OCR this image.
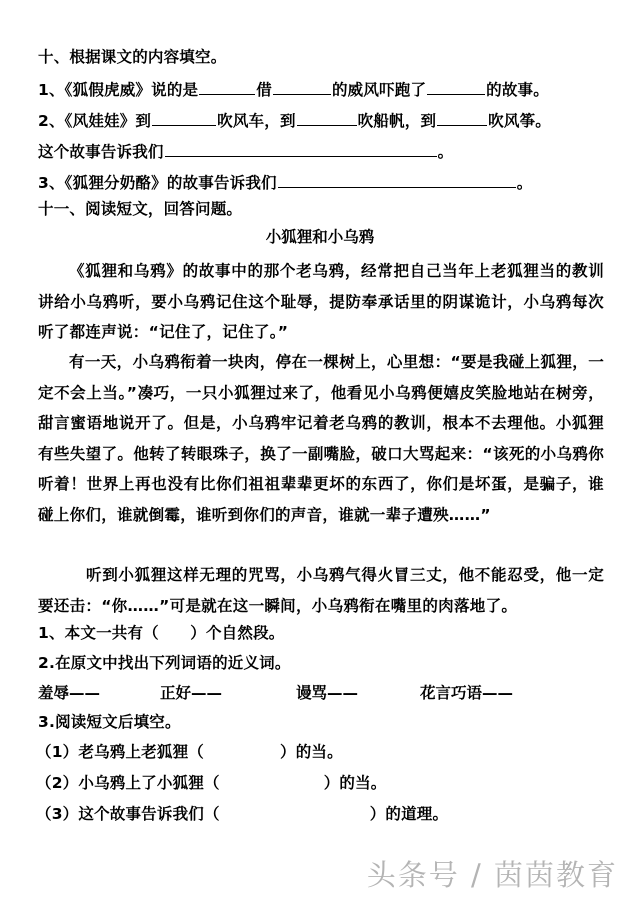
十、根据课文的内容填空。
1、《狐假虎威》说的是	借	的威风吓跑了	的故事。
2、《风娃娃》到	吹风车，到	吹船帆，到	吹风筝。
这个故事告诉我们	。
3、《狐狸分奶酪》的故事告诉我们	。
十一、阅读短文，回答问题。
小狐狸和小乌鸦
《狐狸和乌鸦》的故事中的那个老乌鸦，经常把自己当年上老狐狸当的教训讲给小乌鸦听，要小乌鸦记住这个耻辱，提防奉承话里的阴谋诡计，小乌鸦每次听了都连声说：“记住了，记住了。”
有一天，小乌鸦衔着一块肉，停在一棵树上，心里想：“要是我碰上狐狸，一定不会上当。”凑巧，一只小狐狸过来了，他看见小乌鸦便嬉皮笑脸地站在树旁，甜言蜜语地说开了。但是，小乌鸦牢记着老乌鸦的教训，根本不去理他。小狐狸有些失望了。他转了转眼珠子，换了一副嘴脸，破口大骂起来：“该死的小乌鸦你听着！世界上再也没有比你们祖祖辈辈更坏的东西了，你们是坏蛋，是骗子，谁碰上你们，谁就倒霉，谁听到你们的声音，谁就一辈子遭殃……”
听到小狐狸这样无理的咒骂，小乌鸦气得火冒三丈，他不能忍受，他一定要还击：“你……”可是就在这一瞬间，小乌鸦衔在嘴里的肉落地了。
1、本文一共有（　　）个自然段。
2.在原文中找出下列词语的近义词。
羞辱——	正好——	谩骂——	花言巧语——
3.阅读短文后填空。
（1）老乌鸦上老狐狸（	）的当。
（2）小乌鸦上了小狐狸（	）的当。
（3）这个故事告诉我们（	）的道理。
头条号 / 茵茵教育
